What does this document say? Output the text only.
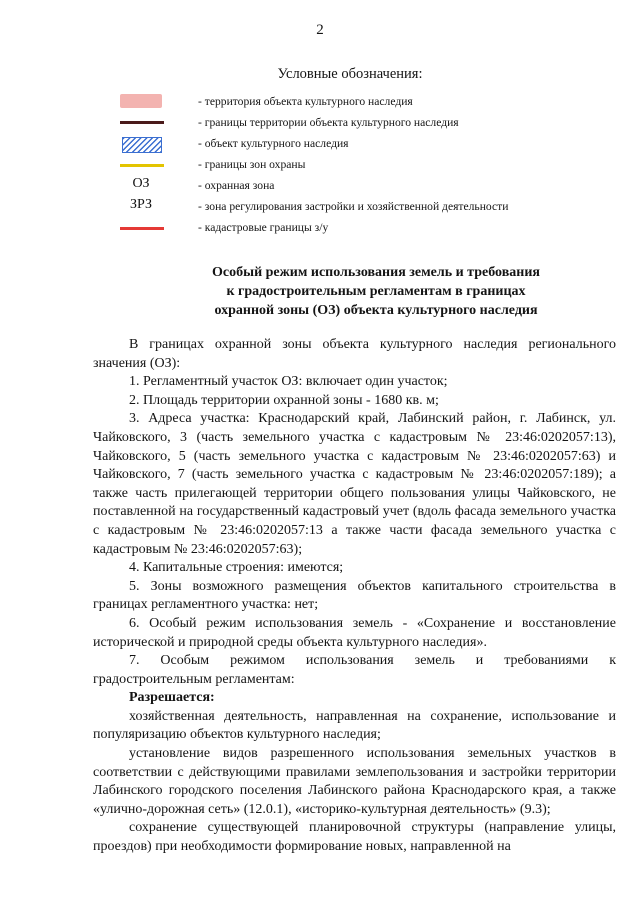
2
Условные обозначения:
- территория объекта культурного наследия
- границы территории объекта культурного наследия
- объект культурного наследия
- границы зон охраны
ОЗ	- охранная зона
ЗРЗ	- зона регулирования застройки и хозяйственной деятельности
- кадастровые границы з/у
Особый режим использования земель и требования
к градостроительным регламентам в границах
охранной зоны (ОЗ) объекта культурного наследия

В границах охранной зоны объекта культурного наследия регионального значения (ОЗ):

1. Регламентный участок ОЗ: включает один участок;

2. Площадь территории охранной зоны - 1680 кв. м;

3. Адреса участка: Краснодарский край, Лабинский район, г. Лабинск, ул. Чайковского, 3 (часть земельного участка с кадастровым № 23:46:0202057:13), Чайковского, 5 (часть земельного участка с кадастровым № 23:46:0202057:63) и Чайковского, 7 (часть земельного участка с кадастровым № 23:46:0202057:189); а также часть прилегающей территории общего пользования улицы Чайковского, не поставленной на государственный кадастровый учет (вдоль фасада земельного участка с кадастровым № 23:46:0202057:13 а также части фасада земельного участка с кадастровым № 23:46:0202057:63);

4. Капитальные строения: имеются;

5. Зоны возможного размещения объектов капитального строительства в границах регламентного участка: нет;

6. Особый режим использования земель - «Сохранение и восстановление исторической и природной среды объекта культурного наследия».

7. Особым режимом использования земель и требованиями к градостроительным регламентам:

Разрешается:

хозяйственная деятельность, направленная на сохранение, использование и популяризацию объектов культурного наследия;

установление видов разрешенного использования земельных участков в соответствии с действующими правилами землепользования и застройки территории Лабинского городского поселения Лабинского района Краснодарского края, а также «улично-дорожная сеть» (12.0.1), «историко-культурная деятельность» (9.3);

сохранение существующей планировочной структуры (направление улицы, проездов) при необходимости формирование новых, направленной на
